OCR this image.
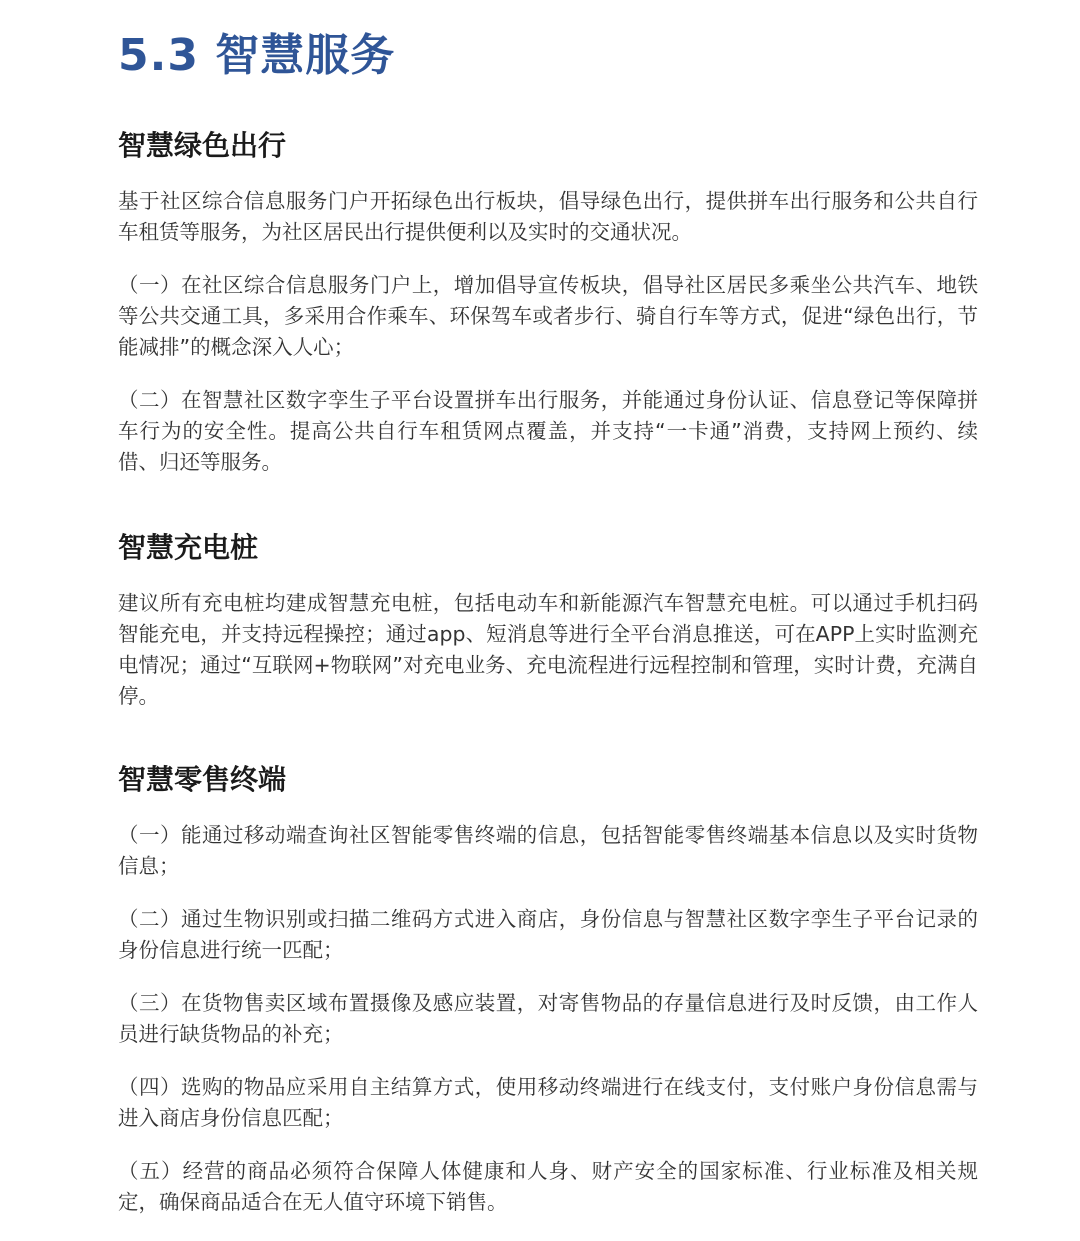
5.3 智慧服务
智慧绿色出行

基于社区综合信息服务门户开拓绿色出行板块，倡导绿色出行，提供拼车出行服务和公共自行车租赁等服务，为社区居民出行提供便利以及实时的交通状况。

（一）在社区综合信息服务门户上，增加倡导宣传板块，倡导社区居民多乘坐公共汽车、地铁等公共交通工具，多采用合作乘车、环保驾车或者步行、骑自行车等方式，促进“绿色出行，节能减排”的概念深入人心；

（二）在智慧社区数字孪生子平台设置拼车出行服务，并能通过身份认证、信息登记等保障拼车行为的安全性。提高公共自行车租赁网点覆盖，并支持“一卡通”消费，支持网上预约、续借、归还等服务。

智慧充电桩

建议所有充电桩均建成智慧充电桩，包括电动车和新能源汽车智慧充电桩。可以通过手机扫码智能充电，并支持远程操控；通过app、短消息等进行全平台消息推送，可在APP上实时监测充电情况；通过“互联网+物联网”对充电业务、充电流程进行远程控制和管理，实时计费，充满自停。

智慧零售终端

（一）能通过移动端查询社区智能零售终端的信息，包括智能零售终端基本信息以及实时货物信息；

（二）通过生物识别或扫描二维码方式进入商店，身份信息与智慧社区数字孪生子平台记录的身份信息进行统一匹配；

（三）在货物售卖区域布置摄像及感应装置，对寄售物品的存量信息进行及时反馈，由工作人员进行缺货物品的补充；

（四）选购的物品应采用自主结算方式，使用移动终端进行在线支付，支付账户身份信息需与进入商店身份信息匹配；

（五）经营的商品必须符合保障人体健康和人身、财产安全的国家标准、行业标准及相关规定，确保商品适合在无人值守环境下销售。
